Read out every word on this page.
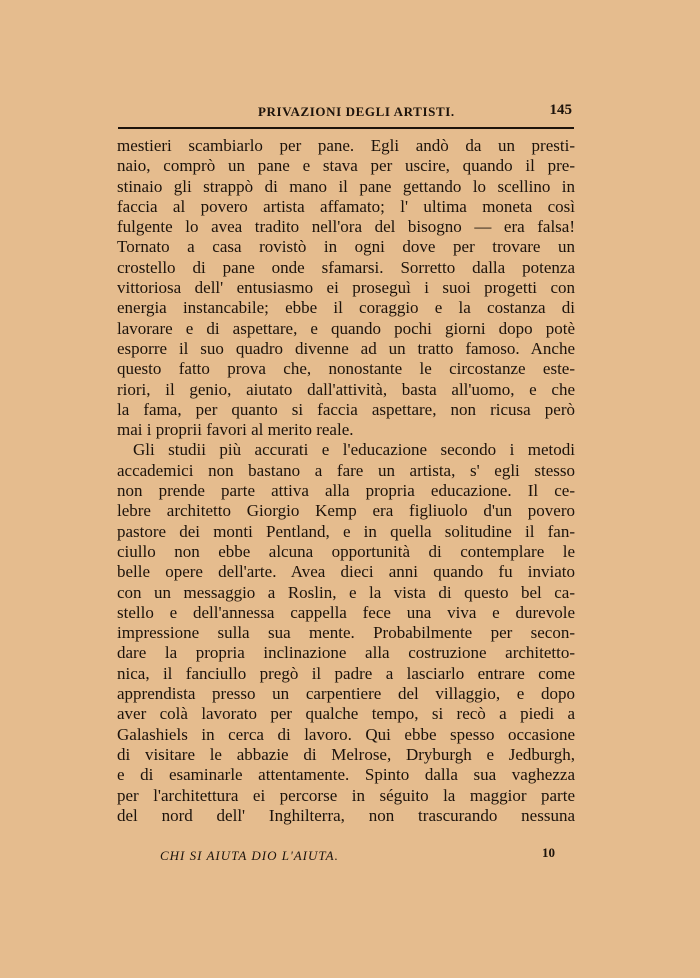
PRIVAZIONI DEGLI ARTISTI.	145
mestieri scambiarlo per pane. Egli andò da un presti-
naio, comprò un pane e stava per uscire, quando il pre-
stinaio gli strappò di mano il pane gettando lo scellino in
faccia al povero artista affamato; l' ultima moneta così
fulgente lo avea tradito nell'ora del bisogno — era falsa!
Tornato a casa rovistò in ogni dove per trovare un
crostello di pane onde sfamarsi. Sorretto dalla potenza
vittoriosa dell' entusiasmo ei proseguì i suoi progetti con
energia instancabile; ebbe il coraggio e la costanza di
lavorare e di aspettare, e quando pochi giorni dopo potè
esporre il suo quadro divenne ad un tratto famoso. Anche
questo fatto prova che, nonostante le circostanze este-
riori, il genio, aiutato dall'attività, basta all'uomo, e che
la fama, per quanto si faccia aspettare, non ricusa però
mai i proprii favori al merito reale.
Gli studii più accurati e l'educazione secondo i metodi
accademici non bastano a fare un artista, s' egli stesso
non prende parte attiva alla propria educazione. Il ce-
lebre architetto Giorgio Kemp era figliuolo d'un povero
pastore dei monti Pentland, e in quella solitudine il fan-
ciullo non ebbe alcuna opportunità di contemplare le
belle opere dell'arte. Avea dieci anni quando fu inviato
con un messaggio a Roslin, e la vista di questo bel ca-
stello e dell'annessa cappella fece una viva e durevole
impressione sulla sua mente. Probabilmente per secon-
dare la propria inclinazione alla costruzione architetto-
nica, il fanciullo pregò il padre a lasciarlo entrare come
apprendista presso un carpentiere del villaggio, e dopo
aver colà lavorato per qualche tempo, si recò a piedi a
Galashiels in cerca di lavoro. Qui ebbe spesso occasione
di visitare le abbazie di Melrose, Dryburgh e Jedburgh,
e di esaminarle attentamente. Spinto dalla sua vaghezza
per l'architettura ei percorse in séguito la maggior parte
del nord dell' Inghilterra, non trascurando nessuna
CHI SI AIUTA DIO L'AIUTA.	10
